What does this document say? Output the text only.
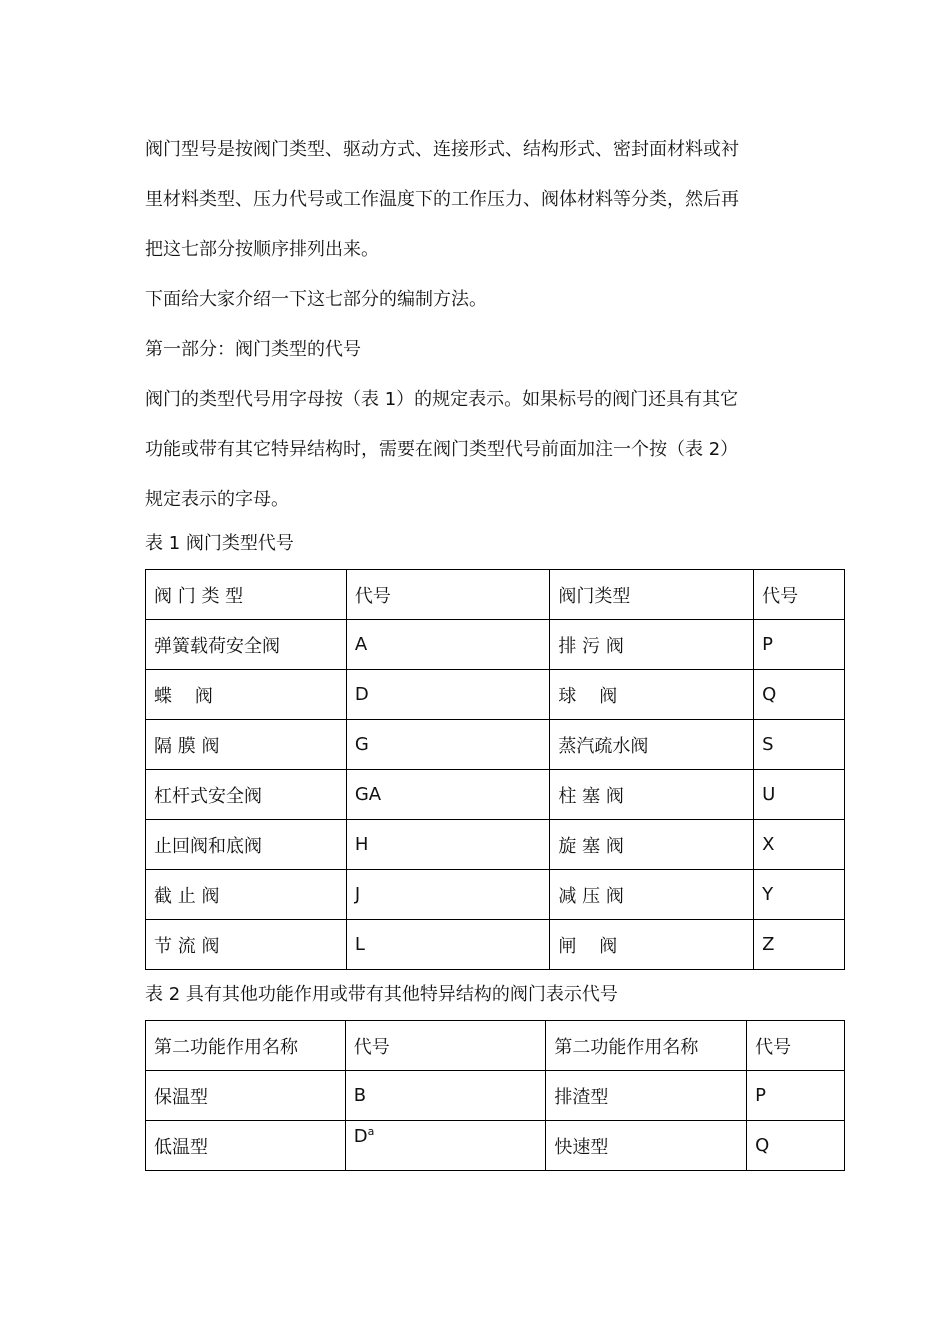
阀门型号是按阀门类型、驱动方式、连接形式、结构形式、密封面材料或衬
里材料类型、压力代号或工作温度下的工作压力、阀体材料等分类，然后再
把这七部分按顺序排列出来。

下面给大家介绍一下这七部分的编制方法。

第一部分：阀门类型的代号

阀门的类型代号用字母按（表 1）的规定表示。如果标号的阀门还具有其它
功能或带有其它特异结构时，需要在阀门类型代号前面加注一个按（表 2）
规定表示的字母。

表 1 阀门类型代号

阀 门 类 型	代号	阀门类型	代号
弹簧载荷安全阀	A	排 污 阀	P
蝶    阀	D	球    阀	Q
隔 膜 阀	G	蒸汽疏水阀	S
杠杆式安全阀	GA	柱 塞 阀	U
止回阀和底阀	H	旋 塞 阀	X
截 止 阀	J	减 压 阀	Y
节 流 阀	L	闸    阀	Z

表 2 具有其他功能作用或带有其他特异结构的阀门表示代号

第二功能作用名称	代号	第二功能作用名称	代号
保温型	B	排渣型	P
低温型	$D^a$	快速型	Q
